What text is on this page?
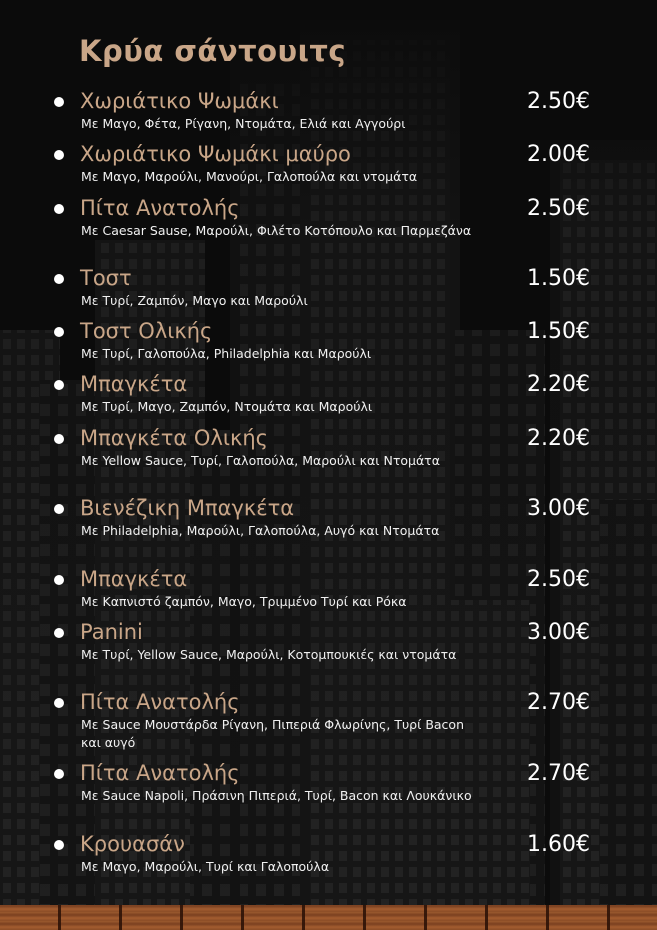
Κρύα σάντουιτς
Χωριάτικο Ψωμάκι
Με Μαγο, Φέτα, Ρίγανη, Ντομάτα, Ελιά και Αγγούρι
2.50€
Χωριάτικο Ψωμάκι μαύρο
Με Μαγο, Μαρούλι, Μανούρι, Γαλοπούλα και ντομάτα
2.00€
Πίτα Ανατολής
Με Caesar Sause, Μαρούλι, Φιλέτο Κοτόπουλο και Παρμεζάνα
2.50€
Τοστ
Με Τυρί, Ζαμπόν, Μαγο και Μαρούλι
1.50€
Τοστ Ολικής
Με Τυρί, Γαλοπούλα, Philadelphia και Μαρούλι
1.50€
Μπαγκέτα
Με Τυρί, Μαγο, Ζαμπόν, Ντομάτα και Μαρούλι
2.20€
Μπαγκέτα Ολικής
Με Yellow Sauce, Τυρί, Γαλοπούλα, Μαρούλι και Ντομάτα
2.20€
Βιενέζικη Μπαγκέτα
Με Philadelphia, Μαρούλι, Γαλοπούλα, Αυγό και Ντομάτα
3.00€
Μπαγκέτα
Με Καπνιστό ζαμπόν, Μαγο, Τριμμένο Τυρί και Ρόκα
2.50€
Panini
Με Τυρί, Yellow Sauce, Μαρούλι, Κοτομπουκιές και ντομάτα
3.00€
Πίτα Ανατολής
Με Sauce Μουστάρδα Ρίγανη, Πιπεριά Φλωρίνης, Τυρί Bacon και αυγό
2.70€
Πίτα Ανατολής
Με Sauce Napoli, Πράσινη Πιπεριά, Τυρί, Bacon και Λουκάνικο
2.70€
Κρουασάν
Με Μαγο, Μαρούλι, Τυρί και Γαλοπούλα
1.60€
